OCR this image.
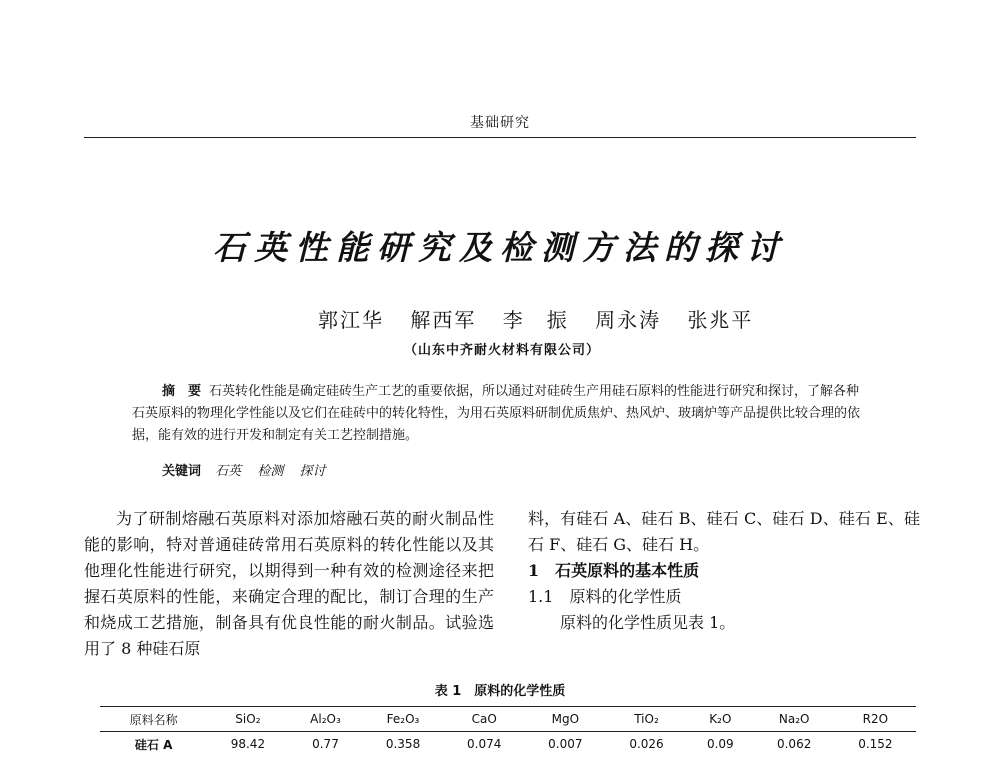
基础研究
石英性能研究及检测方法的探讨
郭江华 解西军 李　振 周永涛 张兆平
（山东中齐耐火材料有限公司）
摘　要 石英转化性能是确定硅砖生产工艺的重要依据，所以通过对硅砖生产用硅石原料的性能进行研究和探讨，了解各种石英原料的物理化学性能以及它们在硅砖中的转化特性，为用石英原料研制优质焦炉、热风炉、玻璃炉等产品提供比较合理的依据，能有效的进行开发和制定有关工艺控制措施。
关键词 石英 检测 探讨
为了研制熔融石英原料对添加熔融石英的耐火制品性能的影响，特对普通硅砖常用石英原料的转化性能以及其他理化性能进行研究，以期得到一种有效的检测途径来把握石英原料的性能，来确定合理的配比，制订合理的生产和烧成工艺措施，制备具有优良性能的耐火制品。试验选用了 8 种硅石原

料，有硅石 A、硅石 B、硅石 C、硅石 D、硅石 E、硅石 F、硅石 G、硅石 H。

1　石英原料的基本性质

1.1　原料的化学性质

原料的化学性质见表 1。

表 1　原料的化学性质
原料名称	SiO₂	Al₂O₃	Fe₂O₃	CaO	MgO	TiO₂	K₂O	Na₂O	R2O
硅石 A	98.42	0.77	0.358	0.074	0.007	0.026	0.09	0.062	0.152
